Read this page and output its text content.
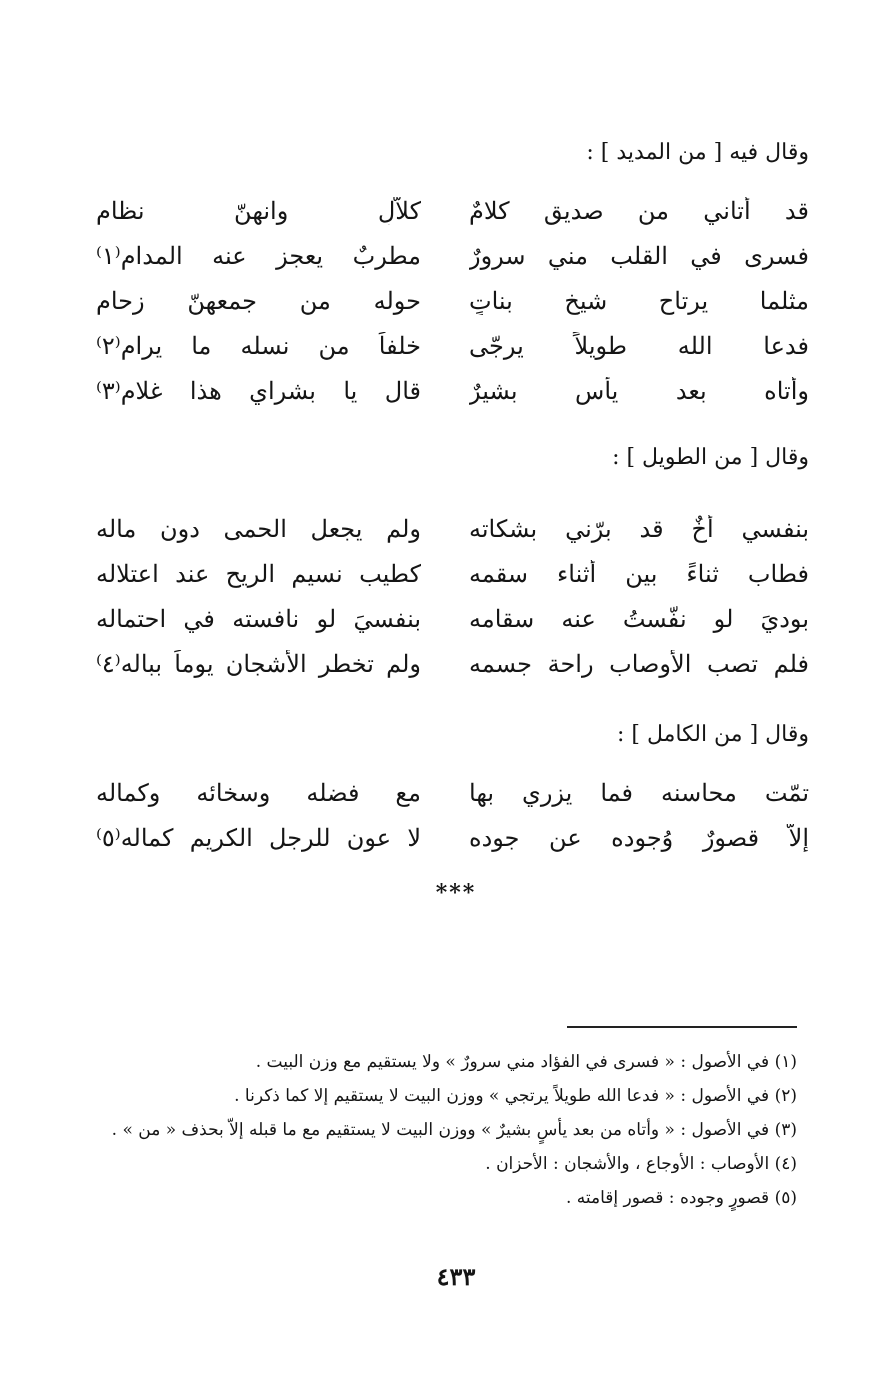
وقال فيه [ من المديد ] :
قد أتاني من صديق كلامٌ
كلاّلٍ وانهنّ نظام
فسرى في القلب مني سرورٌ
مطربٌ يعجز عنه المدام⁽١⁾
مثلما يرتاح شيخ بناتٍ
حوله من جمعهنّ زحام
فدعا الله طويلاً يرجّى
خلفاً من نسله ما يرام⁽٢⁾
وأتاه بعد يأسٍ بشيرٌ
قال يا بشراي هذا غلام⁽٣⁾
وقال [ من الطويل ] :
بنفسي أخٌ قد برّني بشكاته
ولم يجعل الحمى دون ماله
فطاب ثناءً بين أثناء سقمه
كطيب نسيم الريح عند اعتلاله
بوديَ لو نفّستُ عنه سقامه
بنفسيَ لو نافسته في احتماله
فلم تصب الأوصاب راحة جسمه
ولم تخطر الأشجان يوماً بباله⁽٤⁾
وقال [ من الكامل ] :
تمّت محاسنه فما يزري بها
مع فضله وسخائه وكماله
إلاّ قصورٌ وُجوده عن جوده
لا عون للرجل الكريم كماله⁽٥⁾
***
(١) في الأصول : « فسرى في الفؤاد مني سرورٌ » ولا يستقيم مع وزن البيت .
(٢) في الأصول : « فدعا الله طويلاً يرتجي » ووزن البيت لا يستقيم إلا كما ذكرنا .
(٣) في الأصول : « وأتاه من بعد يأسٍ بشيرٌ » ووزن البيت لا يستقيم مع ما قبله إلاّ بحذف « من » .
(٤) الأوصاب : الأوجاع ، والأشجان : الأحزان .
(٥) قصورٍ وجوده : قصور إقامته .
٤٣٣
